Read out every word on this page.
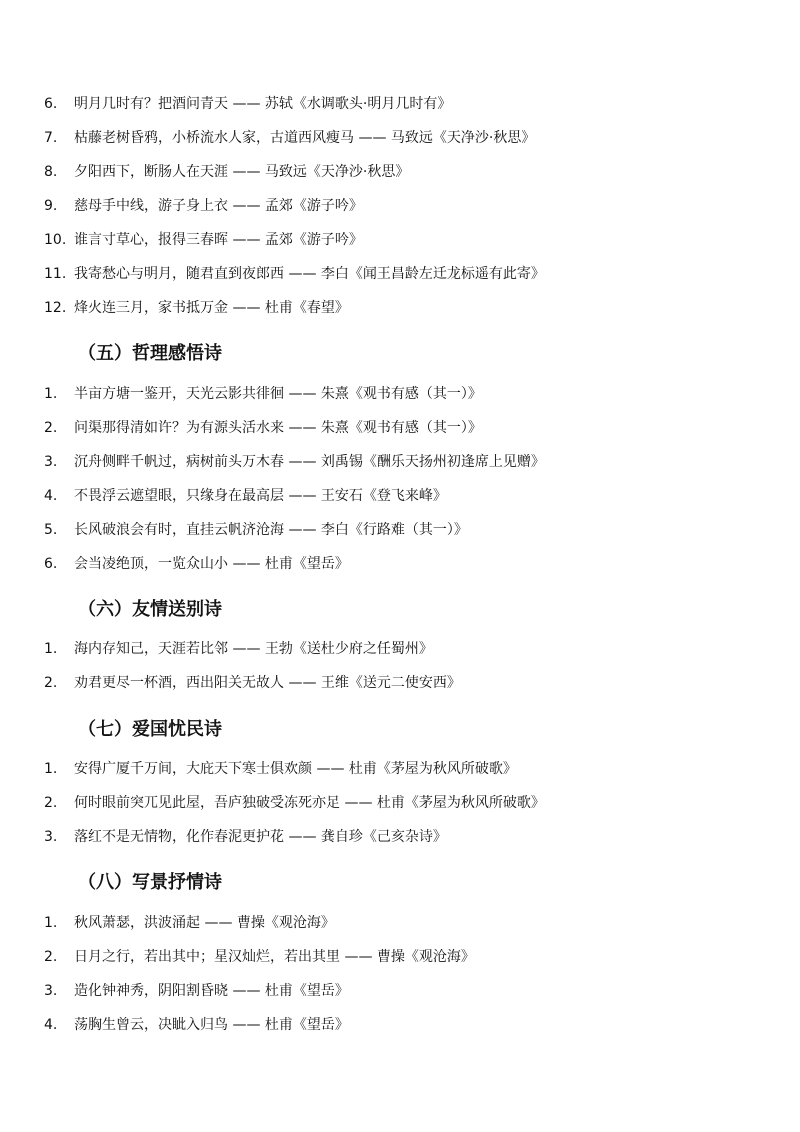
6. 明月几时有？把酒问青天 —— 苏轼《水调歌头·明月几时有》
7. 枯藤老树昏鸦，小桥流水人家，古道西风瘦马 —— 马致远《天净沙·秋思》
8. 夕阳西下，断肠人在天涯 —— 马致远《天净沙·秋思》
9. 慈母手中线，游子身上衣 —— 孟郊《游子吟》
10. 谁言寸草心，报得三春晖 —— 孟郊《游子吟》
11. 我寄愁心与明月，随君直到夜郎西 —— 李白《闻王昌龄左迁龙标遥有此寄》
12. 烽火连三月，家书抵万金 —— 杜甫《春望》
（五）哲理感悟诗
1. 半亩方塘一鉴开，天光云影共徘徊 —— 朱熹《观书有感（其一）》
2. 问渠那得清如许？为有源头活水来 —— 朱熹《观书有感（其一）》
3. 沉舟侧畔千帆过，病树前头万木春 —— 刘禹锡《酬乐天扬州初逢席上见赠》
4. 不畏浮云遮望眼，只缘身在最高层 —— 王安石《登飞来峰》
5. 长风破浪会有时，直挂云帆济沧海 —— 李白《行路难（其一）》
6. 会当凌绝顶，一览众山小 —— 杜甫《望岳》
（六）友情送别诗
1. 海内存知己，天涯若比邻 —— 王勃《送杜少府之任蜀州》
2. 劝君更尽一杯酒，西出阳关无故人 —— 王维《送元二使安西》
（七）爱国忧民诗
1. 安得广厦千万间，大庇天下寒士俱欢颜 —— 杜甫《茅屋为秋风所破歌》
2. 何时眼前突兀见此屋，吾庐独破受冻死亦足 —— 杜甫《茅屋为秋风所破歌》
3. 落红不是无情物，化作春泥更护花 —— 龚自珍《己亥杂诗》
（八）写景抒情诗
1. 秋风萧瑟，洪波涌起 —— 曹操《观沧海》
2. 日月之行，若出其中；星汉灿烂，若出其里 —— 曹操《观沧海》
3. 造化钟神秀，阴阳割昏晓 —— 杜甫《望岳》
4. 荡胸生曾云，决眦入归鸟 —— 杜甫《望岳》
